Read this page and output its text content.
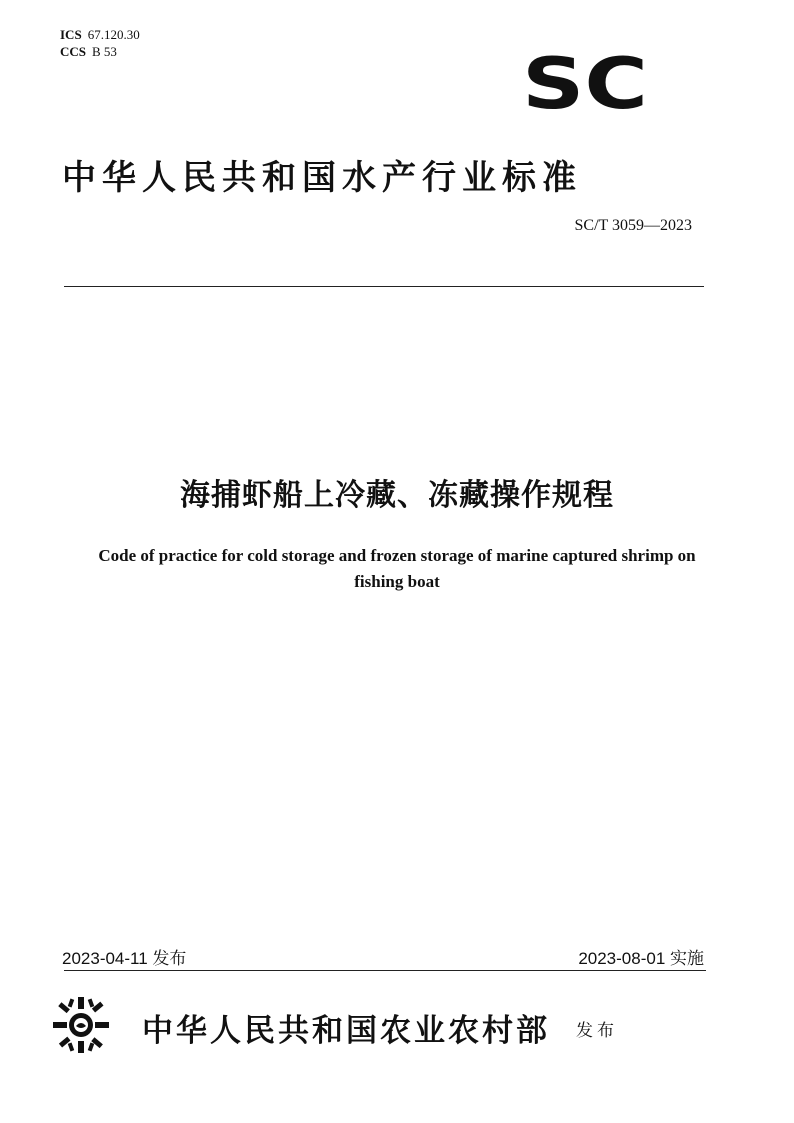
ICS 67.120.30
CCS B 53	SC
中华人民共和国水产行业标准
SC/T 3059—2023
海捕虾船上冷藏、冻藏操作规程
Code of practice for cold storage and frozen storage of marine captured shrimp on fishing boat
2023-04-11 发布	2023-08-01 实施
中华人民共和国农业农村部 发布
